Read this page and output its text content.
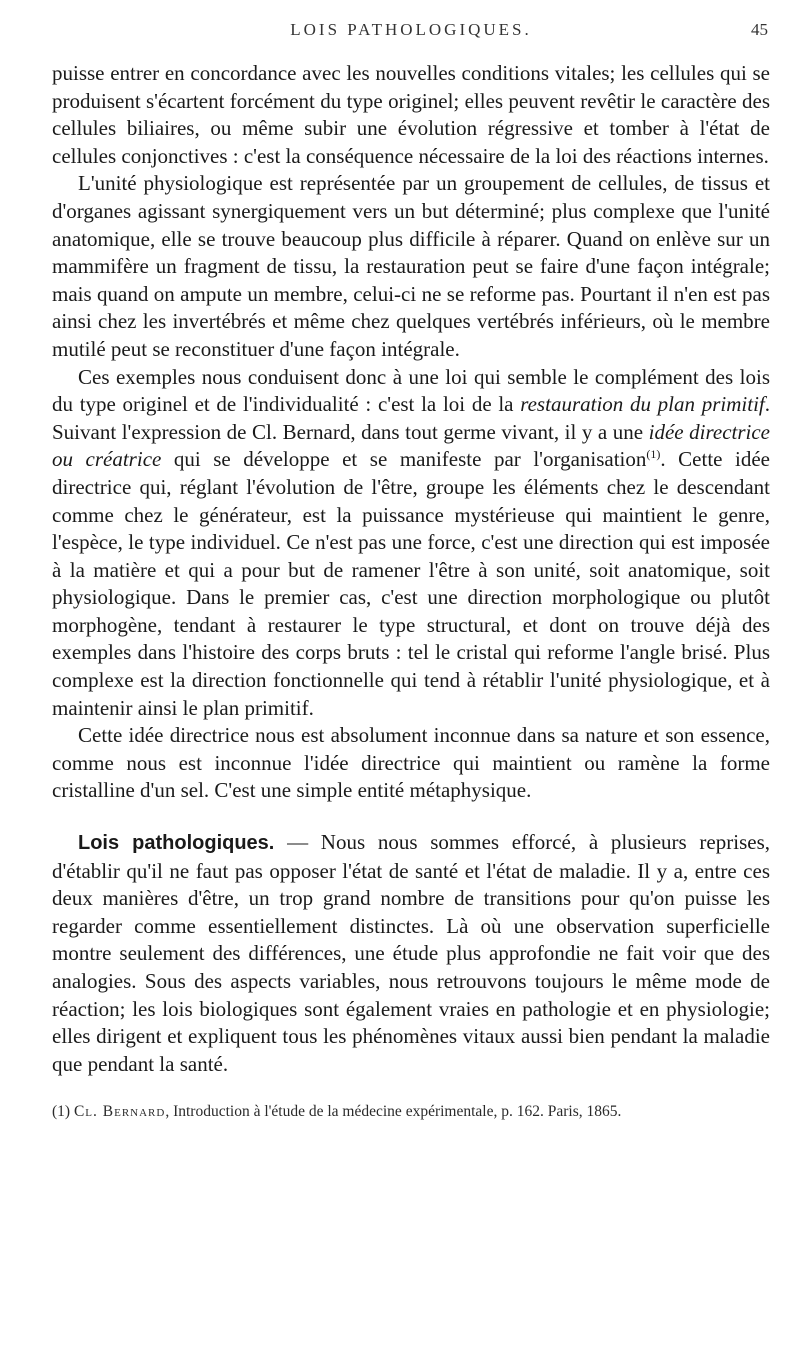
LOIS PATHOLOGIQUES.	45

puisse entrer en concordance avec les nouvelles conditions vitales; les cellules qui se produisent s'écartent forcément du type originel; elles peuvent revêtir le caractère des cellules biliaires, ou même subir une évolution régressive et tomber à l'état de cellules conjonctives : c'est la conséquence nécessaire de la loi des réactions internes.

L'unité physiologique est représentée par un groupement de cellules, de tissus et d'organes agissant synergiquement vers un but déterminé; plus complexe que l'unité anatomique, elle se trouve beaucoup plus difficile à réparer. Quand on enlève sur un mammifère un fragment de tissu, la restauration peut se faire d'une façon intégrale; mais quand on ampute un membre, celui-ci ne se reforme pas. Pourtant il n'en est pas ainsi chez les invertébrés et même chez quelques vertébrés inférieurs, où le membre mutilé peut se reconstituer d'une façon intégrale.

Ces exemples nous conduisent donc à une loi qui semble le complément des lois du type originel et de l'individualité : c'est la loi de la restauration du plan primitif. Suivant l'expression de Cl. Bernard, dans tout germe vivant, il y a une idée directrice ou créatrice qui se développe et se manifeste par l'organisation$^{(1)}$. Cette idée directrice qui, réglant l'évolution de l'être, groupe les éléments chez le descendant comme chez le générateur, est la puissance mystérieuse qui maintient le genre, l'espèce, le type individuel. Ce n'est pas une force, c'est une direction qui est imposée à la matière et qui a pour but de ramener l'être à son unité, soit anatomique, soit physiologique. Dans le premier cas, c'est une direction morphologique ou plutôt morphogène, tendant à restaurer le type structural, et dont on trouve déjà des exemples dans l'histoire des corps bruts : tel le cristal qui reforme l'angle brisé. Plus complexe est la direction fonctionnelle qui tend à rétablir l'unité physiologique, et à maintenir ainsi le plan primitif.

Cette idée directrice nous est absolument inconnue dans sa nature et son essence, comme nous est inconnue l'idée directrice qui maintient ou ramène la forme cristalline d'un sel. C'est une simple entité métaphysique.

Lois pathologiques. — Nous nous sommes efforcé, à plusieurs reprises, d'établir qu'il ne faut pas opposer l'état de santé et l'état de maladie. Il y a, entre ces deux manières d'être, un trop grand nombre de transitions pour qu'on puisse les regarder comme essentiellement distinctes. Là où une observation superficielle montre seulement des différences, une étude plus approfondie ne fait voir que des analogies. Sous des aspects variables, nous retrouvons toujours le même mode de réaction; les lois biologiques sont également vraies en pathologie et en physiologie; elles dirigent et expliquent tous les phénomènes vitaux aussi bien pendant la maladie que pendant la santé.

(1) Cl. Bernard, Introduction à l'étude de la médecine expérimentale, p. 162. Paris, 1865.
